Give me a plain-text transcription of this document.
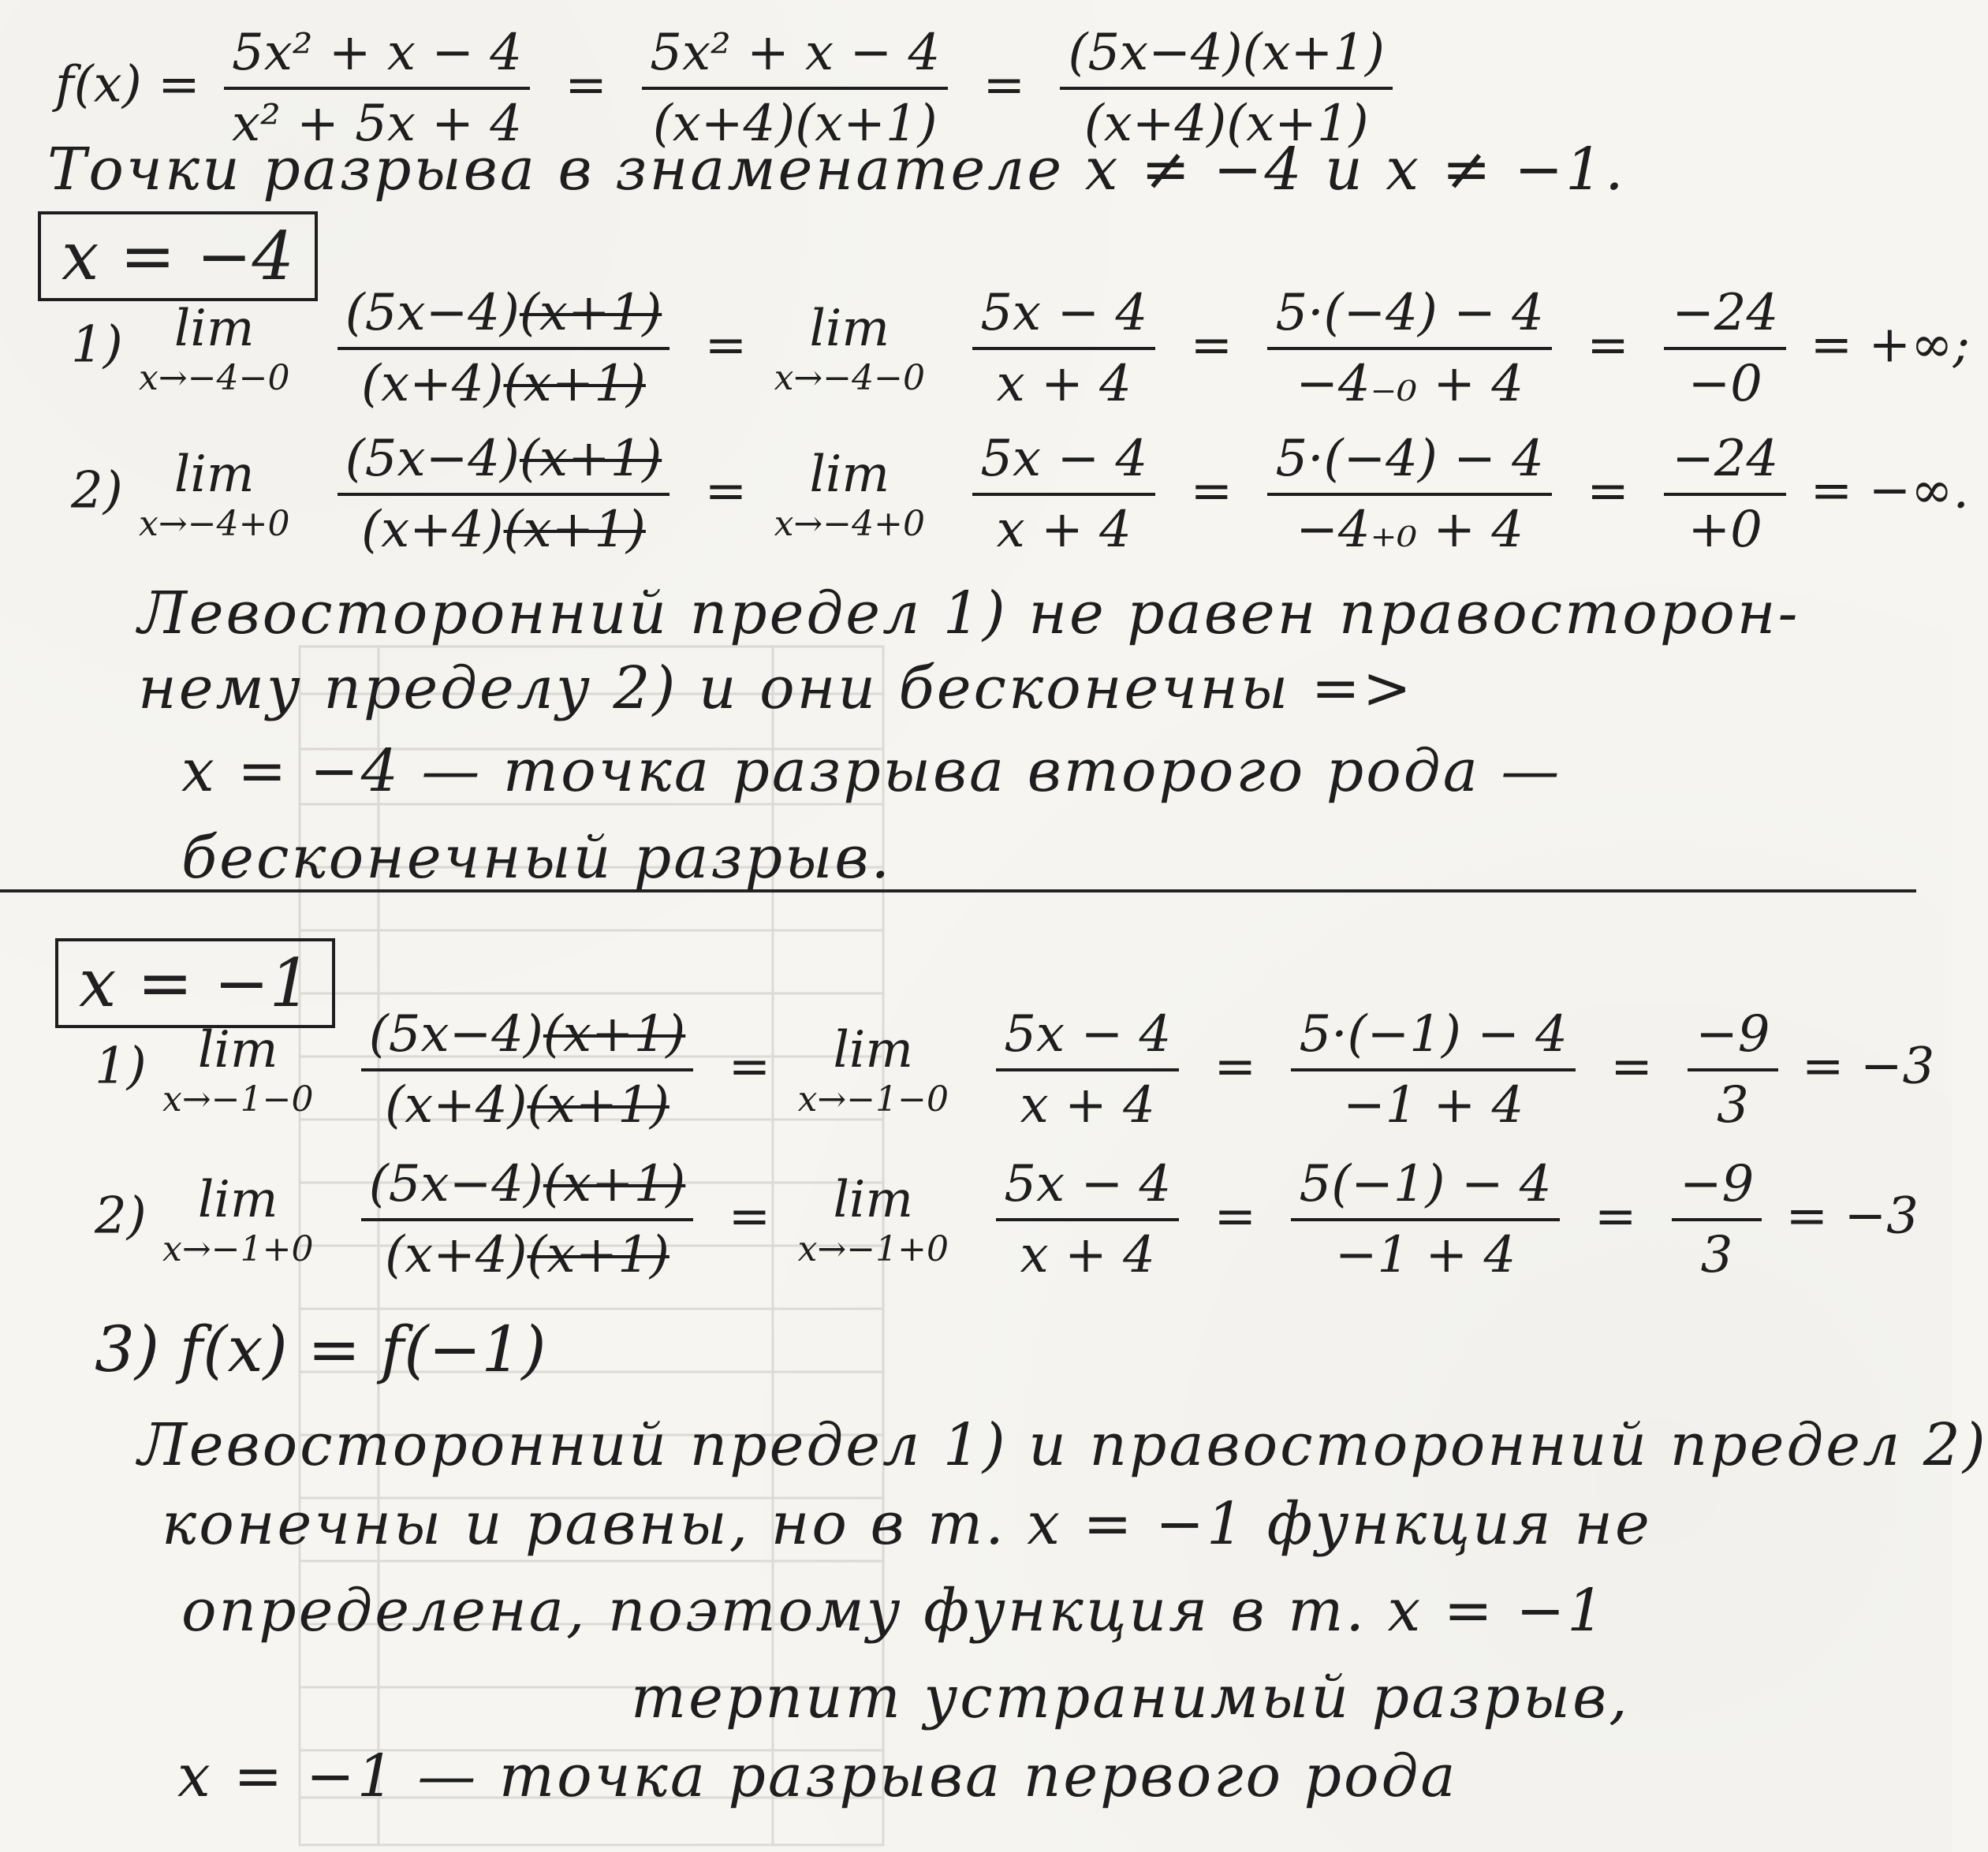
$f(x) = \frac{\text{5x² + x − 4}}{\text{x² + 5x + 4}} = \frac{\text{5x² + x − 4}}{(x+4)(x+1)} = \frac{(5x-4)(x+1)}{(x+4)(x+1)}$
Точки разрыва в знаменателе x ≠ −4 и x ≠ −1.
x = −4
1)	lim
x→−4−0
$\frac{(5x-4)(x+1)}{(x+4)(x+1)}$ =	lim
x→−4−0
$\frac{5x - 4}{x + 4} = \frac{5\cdot(-4) - 4}{\text{−4₋₀ + 4}} = \frac{-24}{-0}$ = +∞;
2)	lim
x→−4+0
$\frac{(5x-4)(x+1)}{(x+4)(x+1)}$ =	lim
x→−4+0
$\frac{5x - 4}{x + 4} = \frac{5\cdot(-4) - 4}{\text{−4₊₀ + 4}} = \frac{-24}{+0}$ = −∞.
Левосторонний предел 1) не равен правосторон-
нему пределу 2) и они бесконечны =>
x = −4 — точка разрыва второго рода —
бесконечный разрыв.
x = −1
1)	lim
x→−1−0
$\frac{(5x-4)(x+1)}{(x+4)(x+1)}$ =	lim
x→−1−0
$\frac{5x - 4}{x + 4} = \frac{5\cdot(-1) - 4}{-1 + 4} = \frac{-9}{3} = -3$
2)	lim
x→−1+0
$\frac{(5x-4)(x+1)}{(x+4)(x+1)}$ =	lim
x→−1+0
$\frac{5x - 4}{x + 4} = \frac{5(-1) - 4}{-1 + 4} = \frac{-9}{3} = -3$
3) f(x) = f(−1)
Левосторонний предел 1) и правосторонний предел 2)
конечны и равны, но в т. x = −1 функция не
определена, поэтому функция в т. x = −1
терпит устранимый разрыв,
x = −1 — точка разрыва первого рода
